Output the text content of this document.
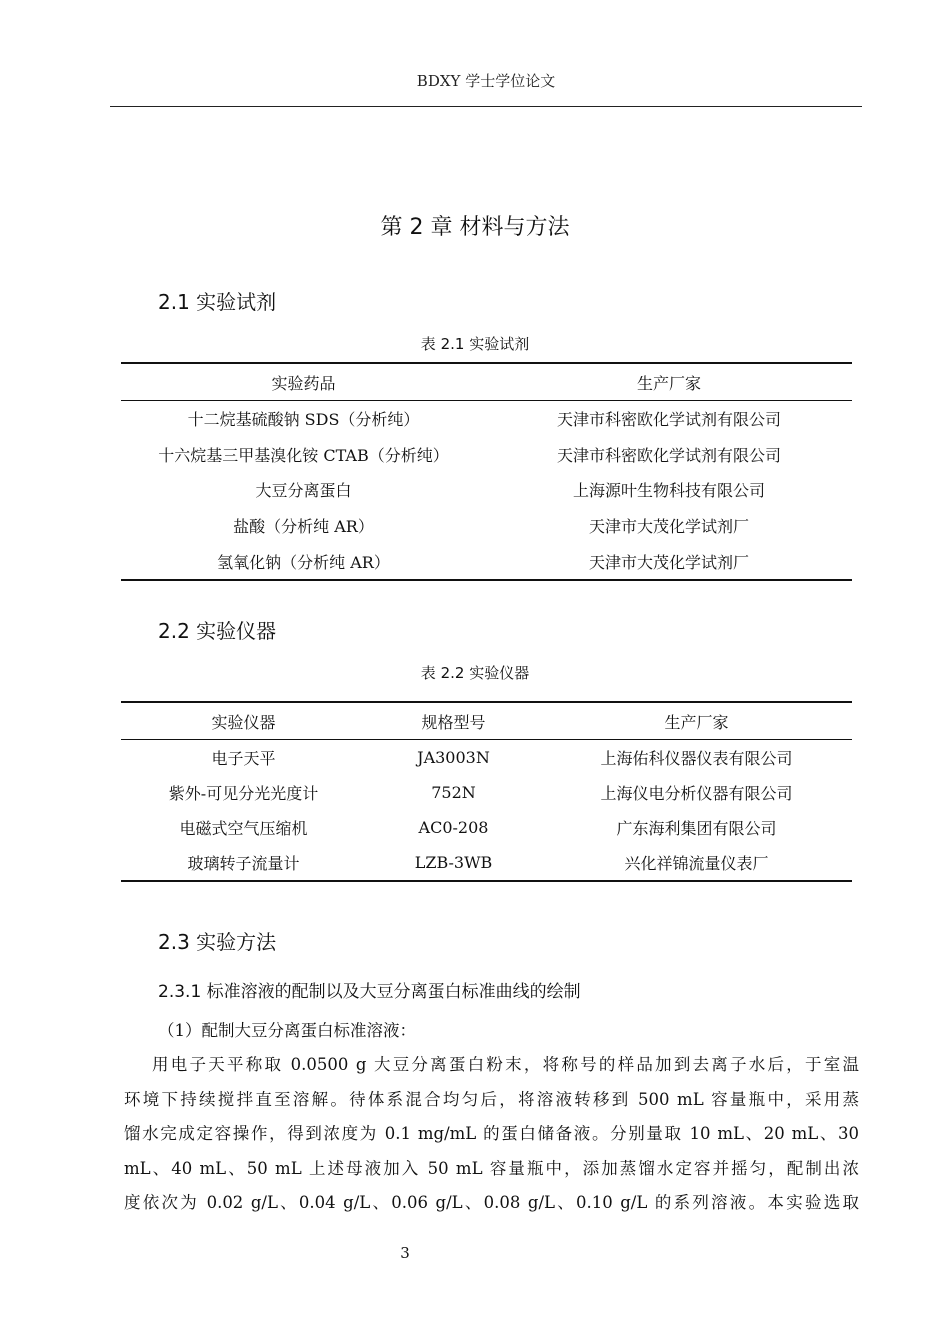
BDXY 学士学位论文
第 2 章 材料与方法
2.1 实验试剂
表 2.1 实验试剂
实验药品	生产厂家
十二烷基硫酸钠 SDS（分析纯）	天津市科密欧化学试剂有限公司
十六烷基三甲基溴化铵 CTAB（分析纯）	天津市科密欧化学试剂有限公司
大豆分离蛋白	上海源叶生物科技有限公司
盐酸（分析纯 AR）	天津市大茂化学试剂厂
氢氧化钠（分析纯 AR）	天津市大茂化学试剂厂
2.2 实验仪器
表 2.2 实验仪器
实验仪器	规格型号	生产厂家
电子天平	JA3003N	上海佑科仪器仪表有限公司
紫外-可见分光光度计	752N	上海仪电分析仪器有限公司
电磁式空气压缩机	AC0-208	广东海利集团有限公司
玻璃转子流量计	LZB-3WB	兴化祥锦流量仪表厂
2.3 实验方法
2.3.1 标准溶液的配制以及大豆分离蛋白标准曲线的绘制
（1）配制大豆分离蛋白标准溶液：
用电子天平称取 0.0500 g 大豆分离蛋白粉末，将称号的样品加到去离子水后，于室温
环境下持续搅拌直至溶解。待体系混合均匀后，将溶液转移到 500 mL 容量瓶中，采用蒸
馏水完成定容操作，得到浓度为 0.1 mg/mL 的蛋白储备液。分别量取 10 mL、20 mL、30
mL、40 mL、50 mL 上述母液加入 50 mL 容量瓶中，添加蒸馏水定容并摇匀，配制出浓
度依次为 0.02 g/L、0.04 g/L、0.06 g/L、0.08 g/L、0.10 g/L 的系列溶液。本实验选取
3
